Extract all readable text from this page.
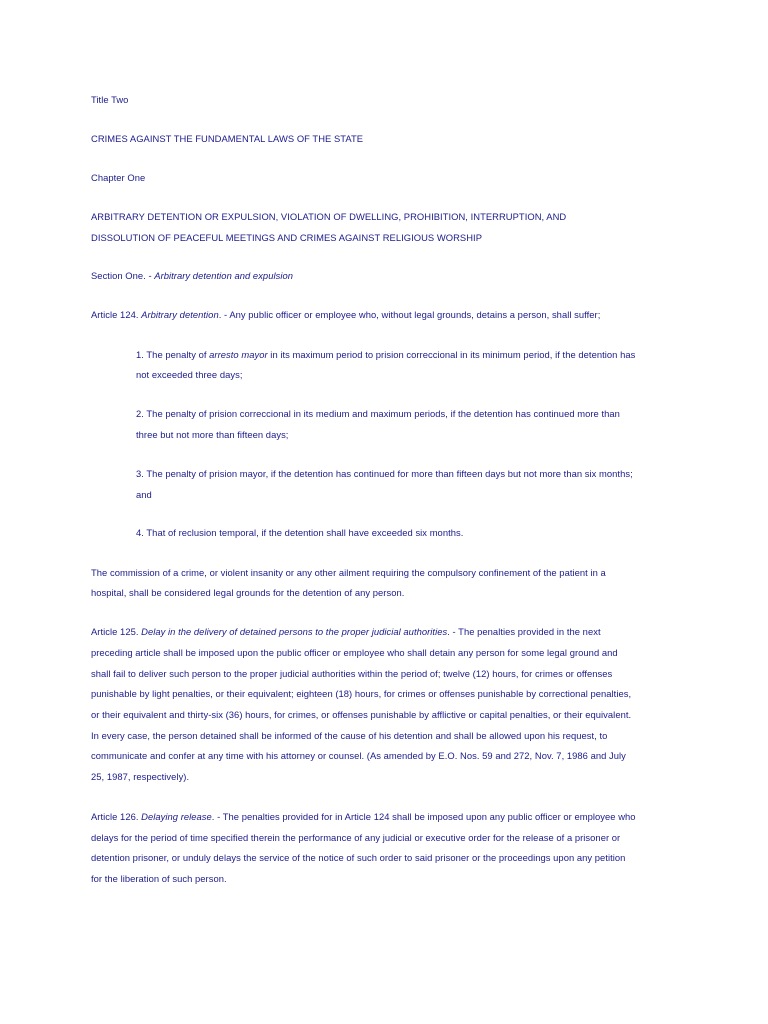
Title Two
CRIMES AGAINST THE FUNDAMENTAL LAWS OF THE STATE
Chapter One
ARBITRARY DETENTION OR EXPULSION, VIOLATION OF DWELLING, PROHIBITION, INTERRUPTION, AND
DISSOLUTION OF PEACEFUL MEETINGS AND CRIMES AGAINST RELIGIOUS WORSHIP
Section One. - Arbitrary detention and expulsion
Article 124. Arbitrary detention. - Any public officer or employee who, without legal grounds, detains a person, shall suffer;
1. The penalty of arresto mayor in its maximum period to prision correccional in its minimum period, if the detention has
not exceeded three days;
2. The penalty of prision correccional in its medium and maximum periods, if the detention has continued more than
three but not more than fifteen days;
3. The penalty of prision mayor, if the detention has continued for more than fifteen days but not more than six months;
and
4. That of reclusion temporal, if the detention shall have exceeded six months.
The commission of a crime, or violent insanity or any other ailment requiring the compulsory confinement of the patient in a
hospital, shall be considered legal grounds for the detention of any person.
Article 125. Delay in the delivery of detained persons to the proper judicial authorities. - The penalties provided in the next
preceding article shall be imposed upon the public officer or employee who shall detain any person for some legal ground and
shall fail to deliver such person to the proper judicial authorities within the period of; twelve (12) hours, for crimes or offenses
punishable by light penalties, or their equivalent; eighteen (18) hours, for crimes or offenses punishable by correctional penalties,
or their equivalent and thirty-six (36) hours, for crimes, or offenses punishable by afflictive or capital penalties, or their equivalent.
In every case, the person detained shall be informed of the cause of his detention and shall be allowed upon his request, to
communicate and confer at any time with his attorney or counsel. (As amended by E.O. Nos. 59 and 272, Nov. 7, 1986 and July
25, 1987, respectively).
Article 126. Delaying release. - The penalties provided for in Article 124 shall be imposed upon any public officer or employee who
delays for the period of time specified therein the performance of any judicial or executive order for the release of a prisoner or
detention prisoner, or unduly delays the service of the notice of such order to said prisoner or the proceedings upon any petition
for the liberation of such person.
